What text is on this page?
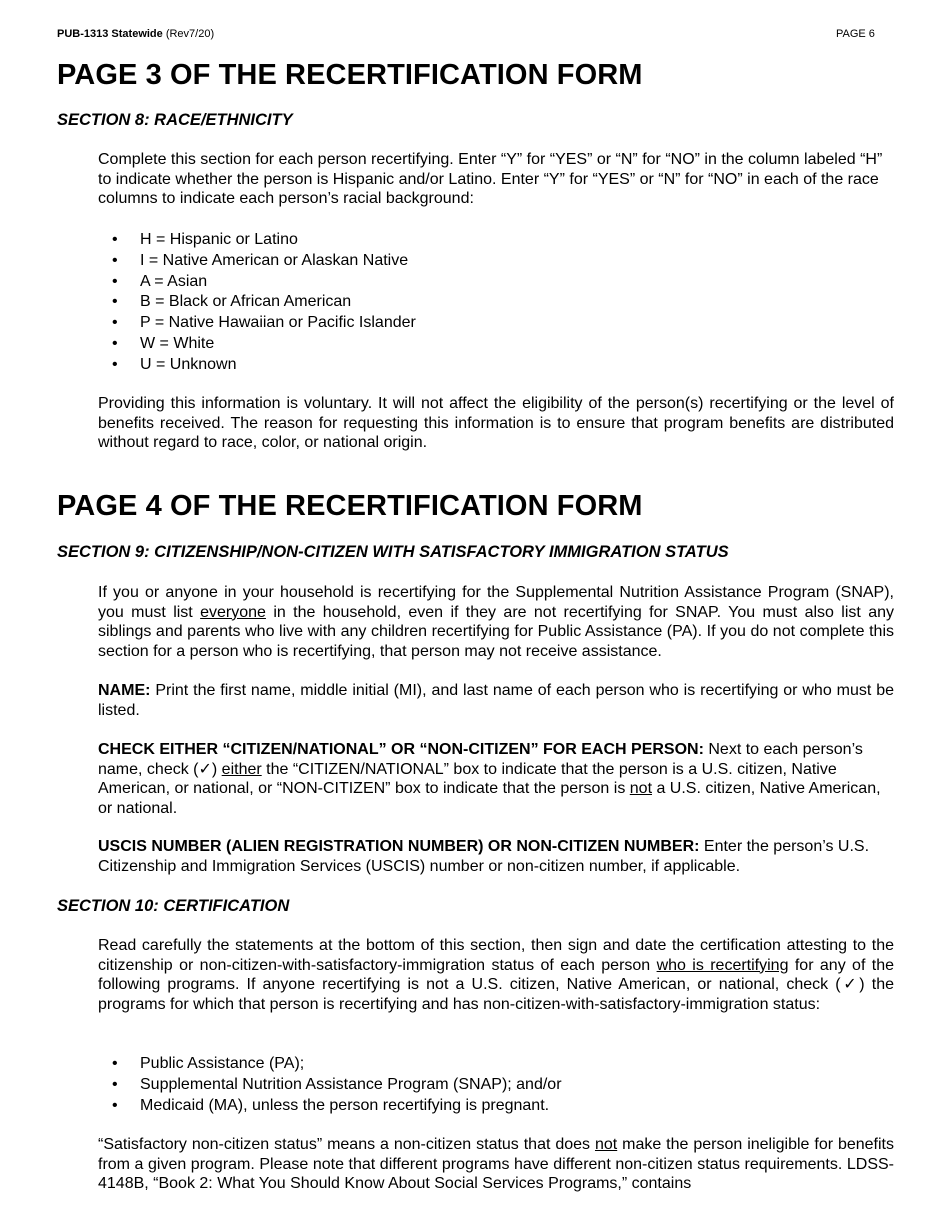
PUB-1313 Statewide (Rev7/20)	PAGE 6
PAGE 3 OF THE RECERTIFICATION FORM
SECTION 8: RACE/ETHNICITY

Complete this section for each person recertifying. Enter “Y” for “YES” or “N” for “NO” in the column labeled “H” to indicate whether the person is Hispanic and/or Latino. Enter “Y” for “YES” or “N” for “NO” in each of the race columns to indicate each person’s racial background:

• H = Hispanic or Latino
• I = Native American or Alaskan Native
• A = Asian
• B = Black or African American
• P = Native Hawaiian or Pacific Islander
• W = White
• U = Unknown

Providing this information is voluntary. It will not affect the eligibility of the person(s) recertifying or the level of benefits received. The reason for requesting this information is to ensure that program benefits are distributed without regard to race, color, or national origin.

PAGE 4 OF THE RECERTIFICATION FORM
SECTION 9: CITIZENSHIP/NON-CITIZEN WITH SATISFACTORY IMMIGRATION STATUS

If you or anyone in your household is recertifying for the Supplemental Nutrition Assistance Program (SNAP), you must list everyone in the household, even if they are not recertifying for SNAP. You must also list any siblings and parents who live with any children recertifying for Public Assistance (PA). If you do not complete this section for a person who is recertifying, that person may not receive assistance.

NAME: Print the first name, middle initial (MI), and last name of each person who is recertifying or who must be listed.

CHECK EITHER “CITIZEN/NATIONAL” OR “NON-CITIZEN” FOR EACH PERSON: Next to each person’s name, check (✓) either the “CITIZEN/NATIONAL” box to indicate that the person is a U.S. citizen, Native American, or national, or “NON-CITIZEN” box to indicate that the person is not a U.S. citizen, Native American, or national.

USCIS NUMBER (ALIEN REGISTRATION NUMBER) OR NON-CITIZEN NUMBER: Enter the person’s U.S. Citizenship and Immigration Services (USCIS) number or non-citizen number, if applicable.

SECTION 10: CERTIFICATION

Read carefully the statements at the bottom of this section, then sign and date the certification attesting to the citizenship or non-citizen-with-satisfactory-immigration status of each person who is recertifying for any of the following programs. If anyone recertifying is not a U.S. citizen, Native American, or national, check (✓) the programs for which that person is recertifying and has non-citizen-with-satisfactory-immigration status:

• Public Assistance (PA);
• Supplemental Nutrition Assistance Program (SNAP); and/or
• Medicaid (MA), unless the person recertifying is pregnant.

“Satisfactory non-citizen status” means a non-citizen status that does not make the person ineligible for benefits from a given program. Please note that different programs have different non-citizen status requirements. LDSS-4148B, “Book 2: What You Should Know About Social Services Programs,” contains
